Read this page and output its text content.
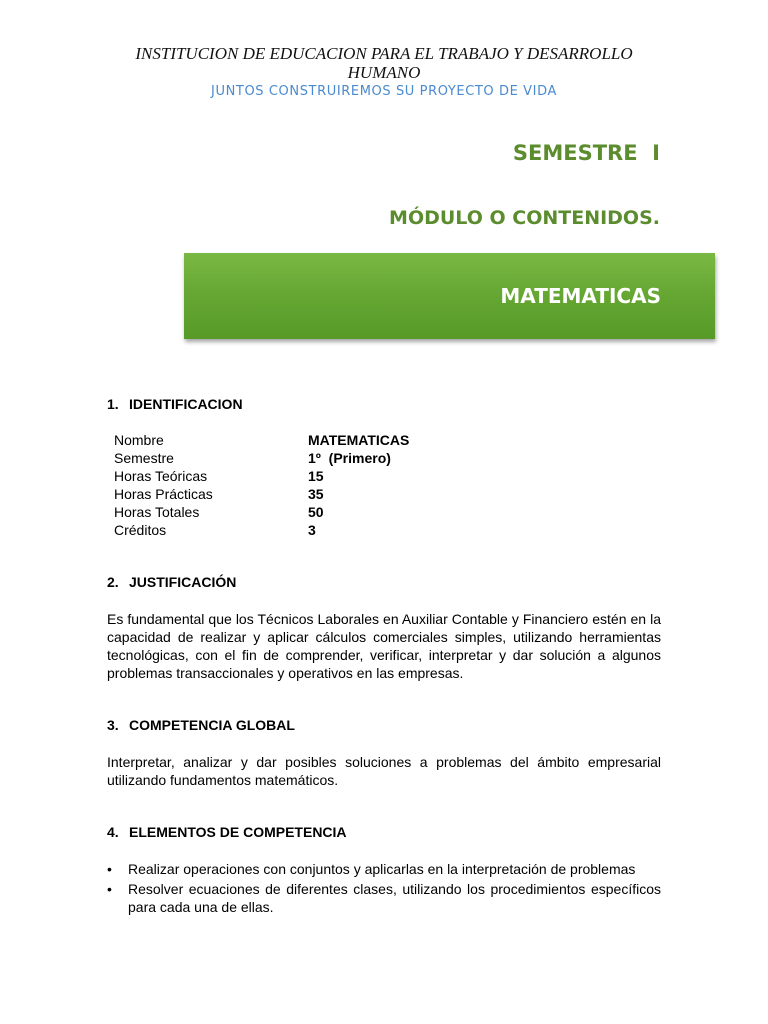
INSTITUCION DE EDUCACION PARA EL TRABAJO Y DESARROLLO HUMANO
JUNTOS CONSTRUIREMOS SU PROYECTO DE VIDA
SEMESTRE  I
MÓDULO O CONTENIDOS.
MATEMATICAS
1. IDENTIFICACION
Nombre	MATEMATICAS
Semestre	1º  (Primero)
Horas Teóricas	15
Horas Prácticas	35
Horas Totales	50
Créditos	3
2. JUSTIFICACIÓN
Es fundamental que los Técnicos Laborales en Auxiliar Contable y Financiero estén en la capacidad de realizar y aplicar cálculos comerciales simples, utilizando herramientas tecnológicas, con el fin de comprender, verificar, interpretar y dar solución a algunos problemas transaccionales y operativos en las empresas.
3. COMPETENCIA GLOBAL
Interpretar, analizar y dar posibles soluciones a problemas del ámbito empresarial utilizando fundamentos matemáticos.
4. ELEMENTOS DE COMPETENCIA
• Realizar operaciones con conjuntos y aplicarlas en la interpretación de problemas
• Resolver ecuaciones de diferentes clases, utilizando los procedimientos específicos para cada una de ellas.
